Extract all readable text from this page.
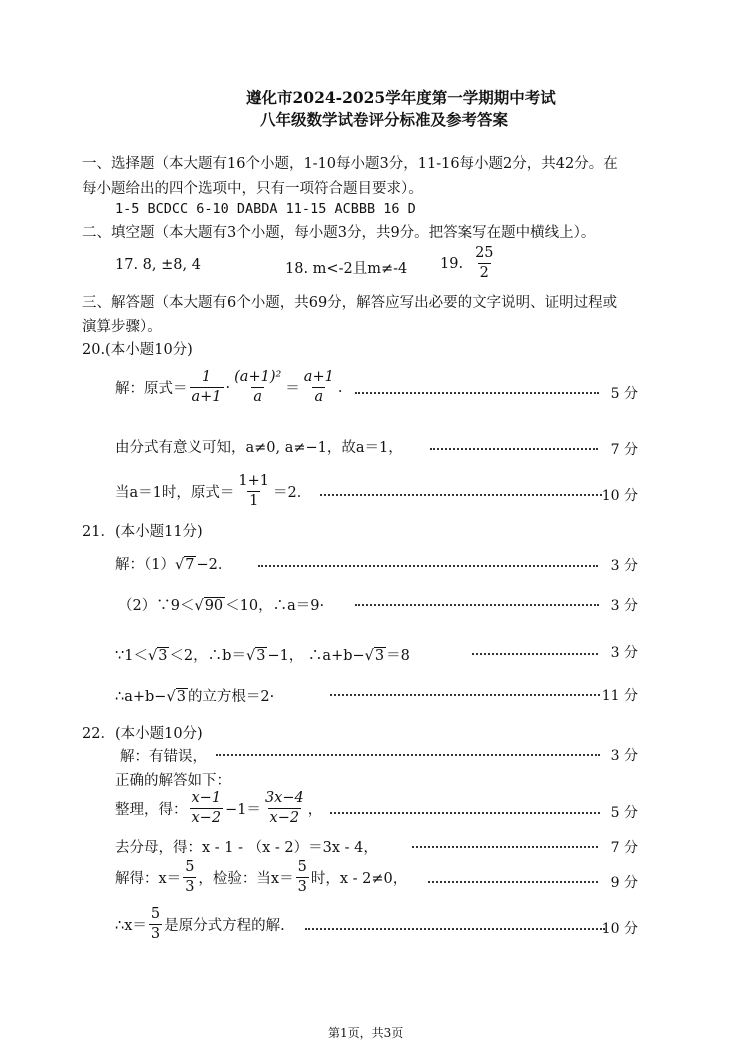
遵化市2024-2025学年度第一学期期中考试
八年级数学试卷评分标准及参考答案
一、选择题（本大题有16个小题，1-10每小题3分，11-16每小题2分，共42分。在
每小题给出的四个选项中，只有一项符合题目要求）。
1-5 BCDCC 6-10 DABDA 11-15 ACBBB 16 D
二、填空题（本大题有3个小题，每小题3分，共9分。把答案写在题中横线上）。
17. 8, ±8, 4	18. m<-2且m≠-4 19. $\frac{25}{2}$
三、解答题（本大题有6个小题，共69分，解答应写出必要的文字说明、证明过程或
演算步骤）。
20.(本小题10分)
解：原式＝ $\frac{1}{a+1} \cdot \frac{\text{(a+1)²}}{a} = \frac{a+1}{a}$ .	5 分
由分式有意义可知，a≠0, a≠−1，故a＝1，	7 分
当a＝1时，原式＝ $\frac{1+1}{1} =2$．	10 分
21．(本小题11分)
解：（1）√7 −2．	3 分
（2）∵9＜√90 ＜10，∴a＝9·	3 分
∵1＜√3 ＜2，∴b＝√3 −1， ∴a+b−√3 ＝8	3 分
∴a+b−√3 的立方根＝2·	11 分
22．(本小题10分)
解：有错误，	3 分
正确的解答如下：
整理，得： $\frac{x-1}{x-2} -1= \frac{3x-4}{x-2}$ ，	5 分
去分母，得：x - 1 - （x - 2）＝3x - 4，	7 分
解得：$x= \frac{5}{3}$ ，检验：当$x= \frac{5}{3}$ 时，x - 2≠0，	9 分
∴x＝ $\frac{5}{3}$ 是原分式方程的解.	10 分
第1页，共3页
